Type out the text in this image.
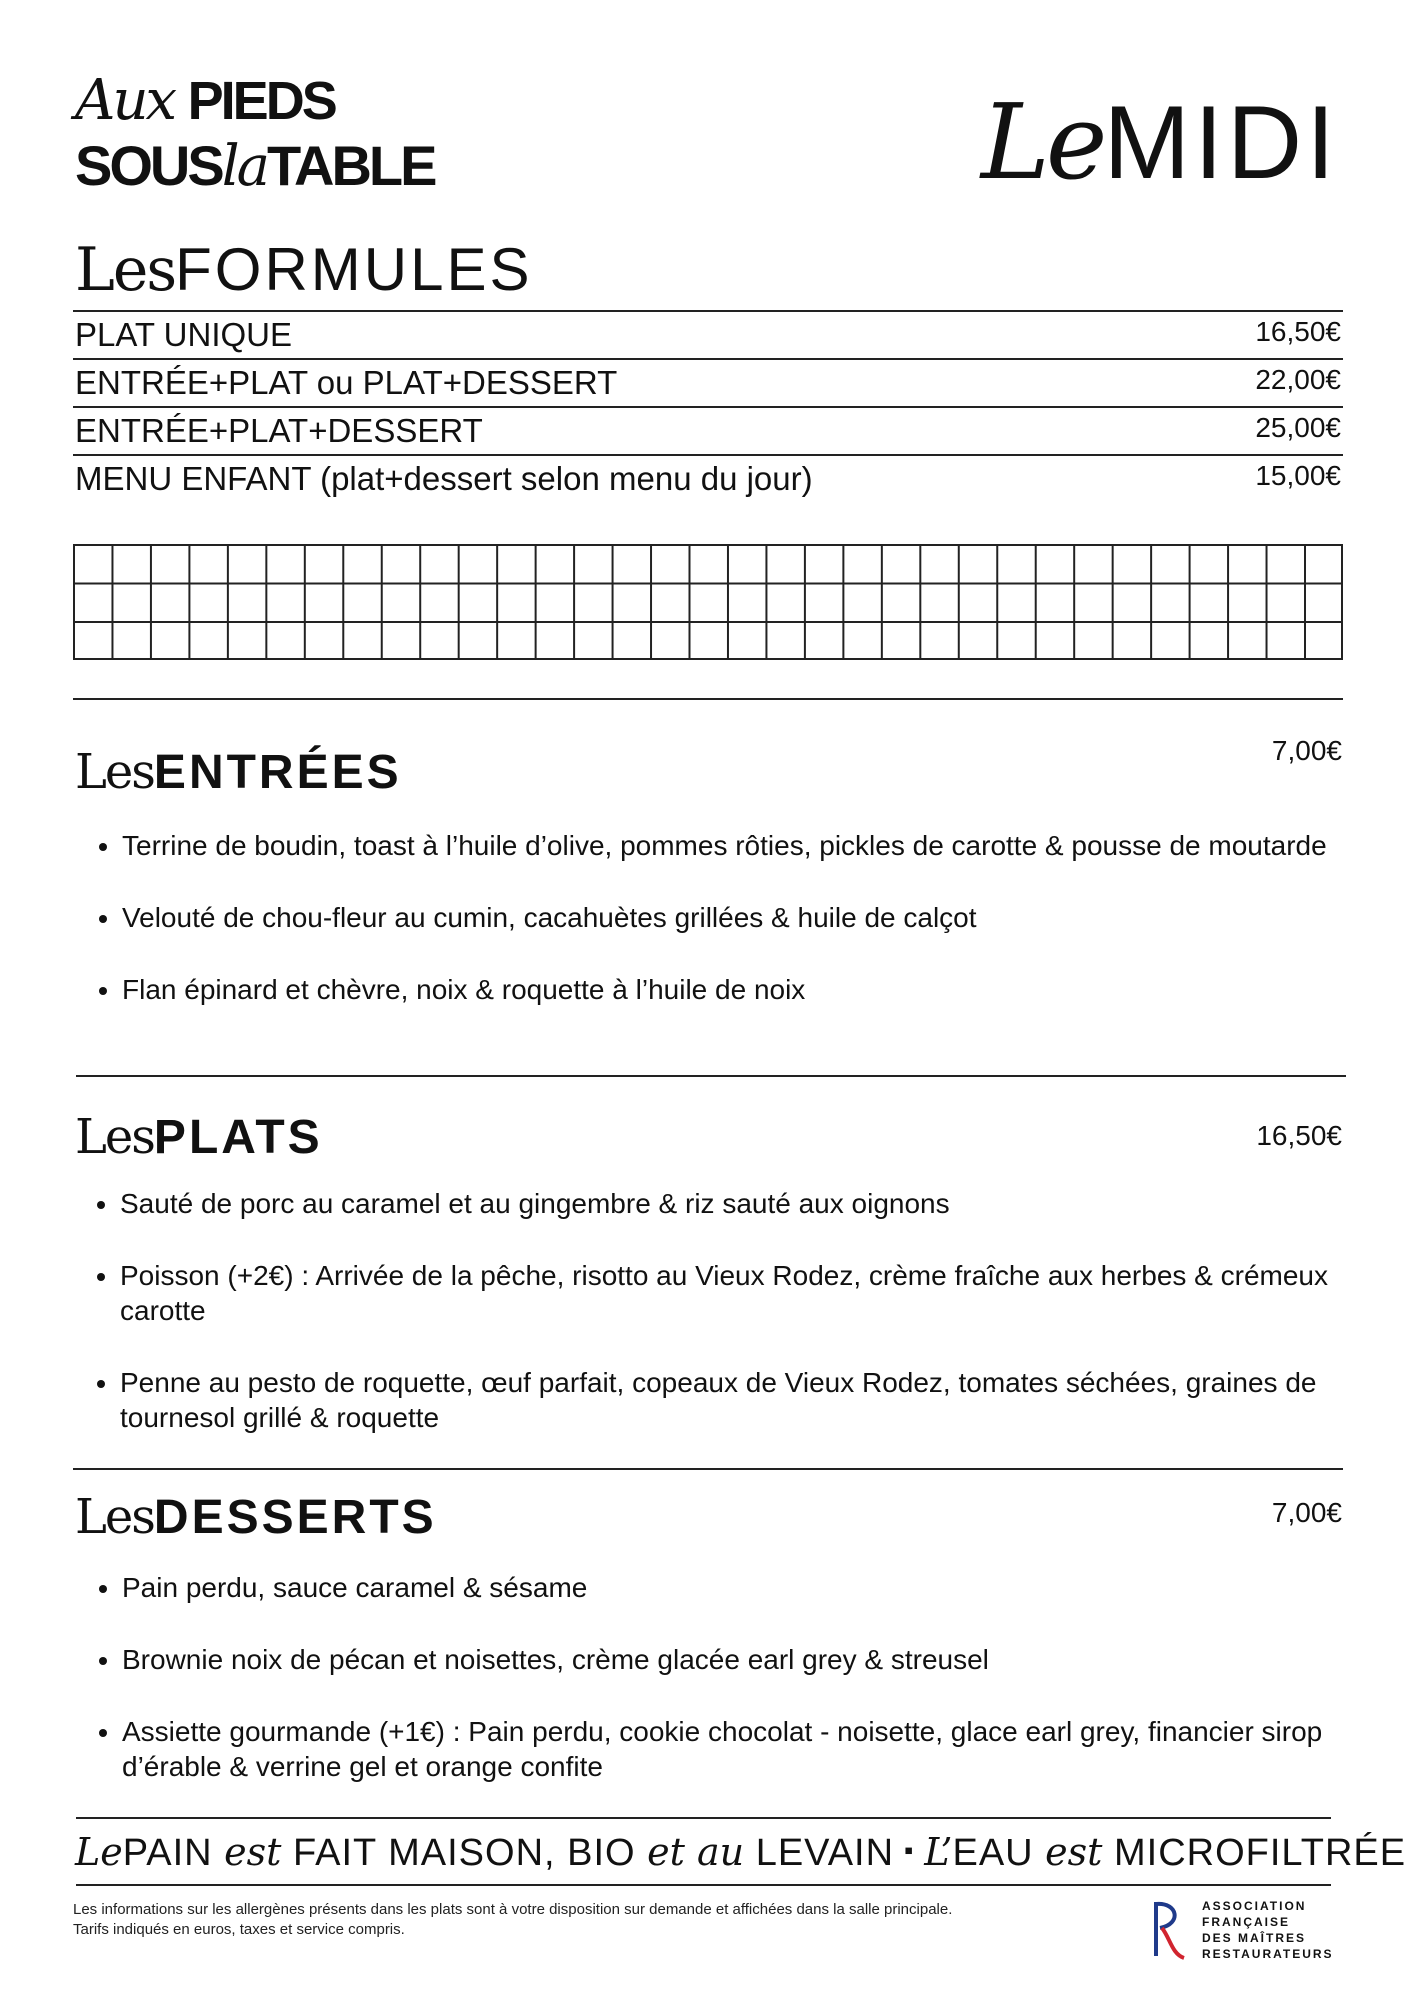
Aux PIEDS
SOUSlaTABLE	LeMIDI
LesFORMULES
PLAT UNIQUE	16,50€
ENTRÉE+PLAT ou PLAT+DESSERT	22,00€
ENTRÉE+PLAT+DESSERT	25,00€
MENU ENFANT (plat+dessert selon menu du jour)	15,00€
LesENTRÉES	7,00€
• Terrine de boudin, toast à l’huile d’olive, pommes rôties, pickles de carotte & pousse de moutarde
• Velouté de chou-fleur au cumin, cacahuètes grillées & huile de calçot
• Flan épinard et chèvre, noix & roquette à l’huile de noix
LesPLATS	16,50€
• Sauté de porc au caramel et au gingembre & riz sauté aux oignons
• Poisson (+2€) : Arrivée de la pêche, risotto au Vieux Rodez, crème fraîche aux herbes & crémeux carotte
• Penne au pesto de roquette, œuf parfait, copeaux de Vieux Rodez, tomates séchées, graines de tournesol grillé & roquette
LesDESSERTS	7,00€
• Pain perdu, sauce caramel & sésame
• Brownie noix de pécan et noisettes, crème glacée earl grey & streusel
• Assiette gourmande (+1€) : Pain perdu, cookie chocolat - noisette, glace earl grey, financier sirop d’érable & verrine gel et orange confite
LePAIN est FAIT MAISON, BIO et au LEVAIN ▪ L’EAU est MICROFILTRÉE
Les informations sur les allergènes présents dans les plats sont à votre disposition sur demande et affichées dans la salle principale.
Tarifs indiqués en euros, taxes et service compris.
ASSOCIATION
FRANÇAISE
DES MAÎTRES
RESTAURATEURS
